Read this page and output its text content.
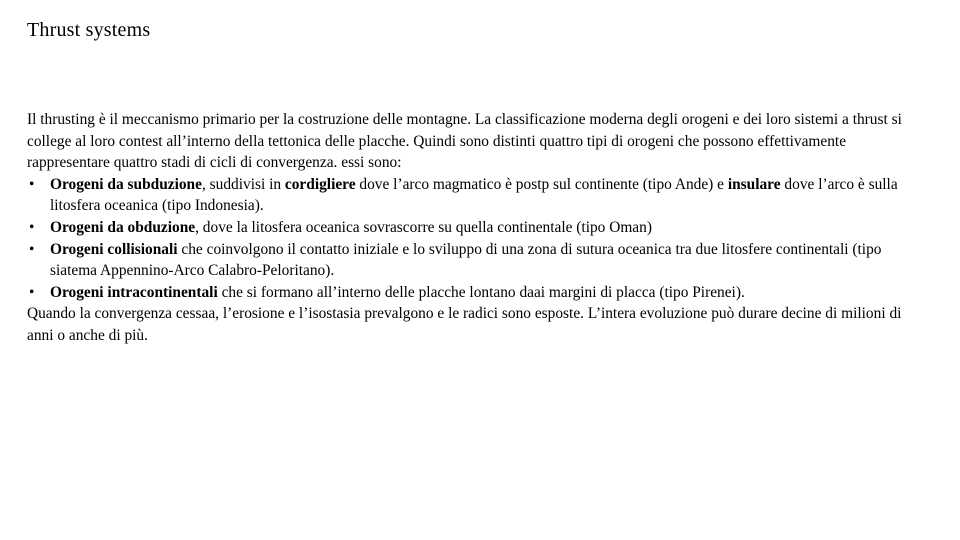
Thrust systems

Il thrusting è il meccanismo primario per la costruzione delle montagne. La classificazione moderna degli orogeni e dei loro sistemi a thrust si college al loro contest all’interno della tettonica delle placche. Quindi sono distinti quattro tipi di orogeni che possono effettivamente rappresentare quattro stadi di cicli di convergenza. essi sono:

• Orogeni da subduzione, suddivisi in cordigliere dove l’arco magmatico è postp sul continente (tipo Ande) e insulare dove l’arco è sulla litosfera oceanica (tipo Indonesia).
• Orogeni da obduzione, dove la litosfera oceanica sovrascorre su quella continentale (tipo Oman)
• Orogeni collisionali che coinvolgono il contatto iniziale e lo sviluppo di una zona di sutura oceanica tra due litosfere continentali (tipo siatema Appennino-Arco Calabro-Peloritano).
• Orogeni intracontinentali che si formano all’interno delle placche lontano daai margini di placca (tipo Pirenei).

Quando la convergenza cessaa, l’erosione e l’isostasia prevalgono e le radici sono esposte. L’intera evoluzione può durare decine di milioni di anni o anche di più.
